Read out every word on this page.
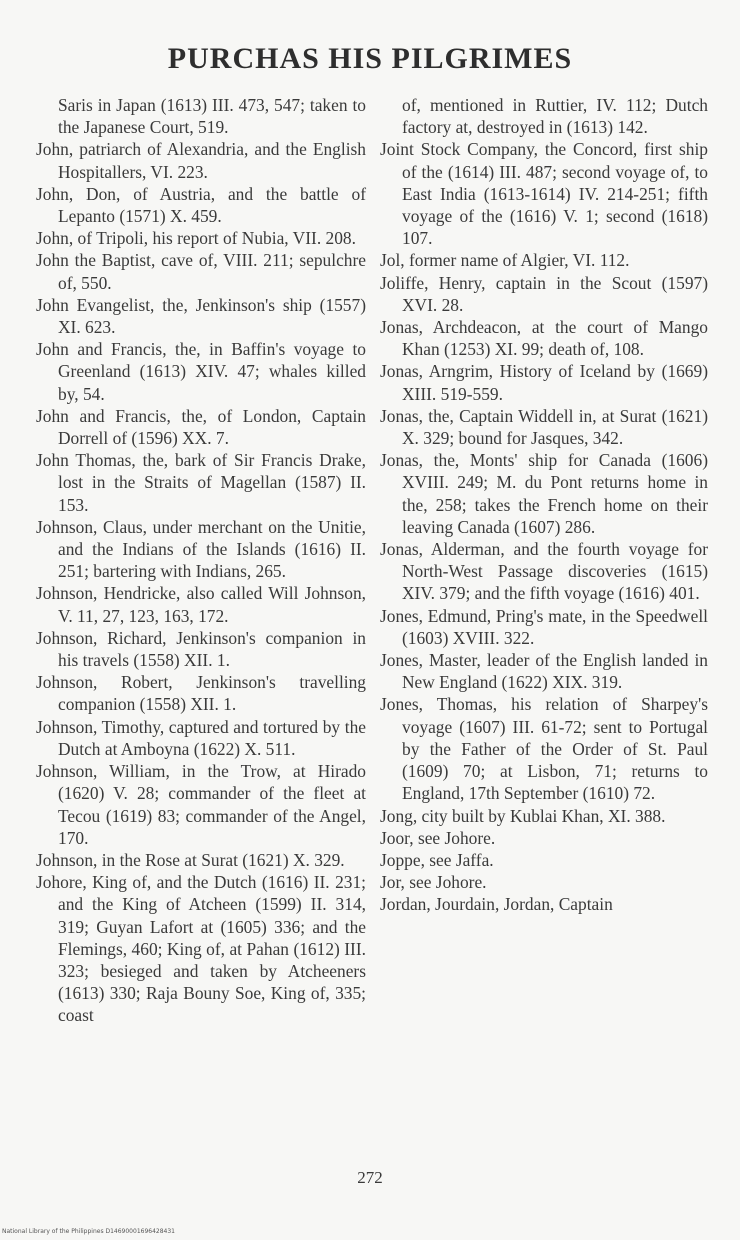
PURCHAS HIS PILGRIMES

Saris in Japan (1613) III. 473, 547; taken to the Japanese Court, 519.

John, patriarch of Alexandria, and the English Hospitallers, VI. 223.

John, Don, of Austria, and the battle of Lepanto (1571) X. 459.

John, of Tripoli, his report of Nubia, VII. 208.

John the Baptist, cave of, VIII. 211; sepulchre of, 550.

John Evangelist, the, Jenkinson's ship (1557) XI. 623.

John and Francis, the, in Baffin's voyage to Greenland (1613) XIV. 47; whales killed by, 54.

John and Francis, the, of London, Captain Dorrell of (1596) XX. 7.

John Thomas, the, bark of Sir Francis Drake, lost in the Straits of Magellan (1587) II. 153.

Johnson, Claus, under merchant on the Unitie, and the Indians of the Islands (1616) II. 251; bartering with Indians, 265.

Johnson, Hendricke, also called Will Johnson, V. 11, 27, 123, 163, 172.

Johnson, Richard, Jenkinson's companion in his travels (1558) XII. 1.

Johnson, Robert, Jenkinson's travelling companion (1558) XII. 1.

Johnson, Timothy, captured and tortured by the Dutch at Amboyna (1622) X. 511.

Johnson, William, in the Trow, at Hirado (1620) V. 28; commander of the fleet at Tecou (1619) 83; commander of the Angel, 170.

Johnson, in the Rose at Surat (1621) X. 329.

Johore, King of, and the Dutch (1616) II. 231; and the King of Atcheen (1599) II. 314, 319; Guyan Lafort at (1605) 336; and the Flemings, 460; King of, at Pahan (1612) III. 323; besieged and taken by Atcheeners (1613) 330; Raja Bouny Soe, King of, 335; coast

of, mentioned in Ruttier, IV. 112; Dutch factory at, destroyed in (1613) 142.

Joint Stock Company, the Concord, first ship of the (1614) III. 487; second voyage of, to East India (1613-1614) IV. 214-251; fifth voyage of the (1616) V. 1; second (1618) 107.

Jol, former name of Algier, VI. 112.

Joliffe, Henry, captain in the Scout (1597) XVI. 28.

Jonas, Archdeacon, at the court of Mango Khan (1253) XI. 99; death of, 108.

Jonas, Arngrim, History of Iceland by (1669) XIII. 519-559.

Jonas, the, Captain Widdell in, at Surat (1621) X. 329; bound for Jasques, 342.

Jonas, the, Monts' ship for Canada (1606) XVIII. 249; M. du Pont returns home in the, 258; takes the French home on their leaving Canada (1607) 286.

Jonas, Alderman, and the fourth voyage for North-West Passage discoveries (1615) XIV. 379; and the fifth voyage (1616) 401.

Jones, Edmund, Pring's mate, in the Speedwell (1603) XVIII. 322.

Jones, Master, leader of the English landed in New England (1622) XIX. 319.

Jones, Thomas, his relation of Sharpey's voyage (1607) III. 61-72; sent to Portugal by the Father of the Order of St. Paul (1609) 70; at Lisbon, 71; returns to England, 17th September (1610) 72.

Jong, city built by Kublai Khan, XI. 388.

Joor, see Johore.

Joppe, see Jaffa.

Jor, see Johore.

Jordan, Jourdain, Jordan, Captain

272
National Library of the Philippines D14690001696428431
